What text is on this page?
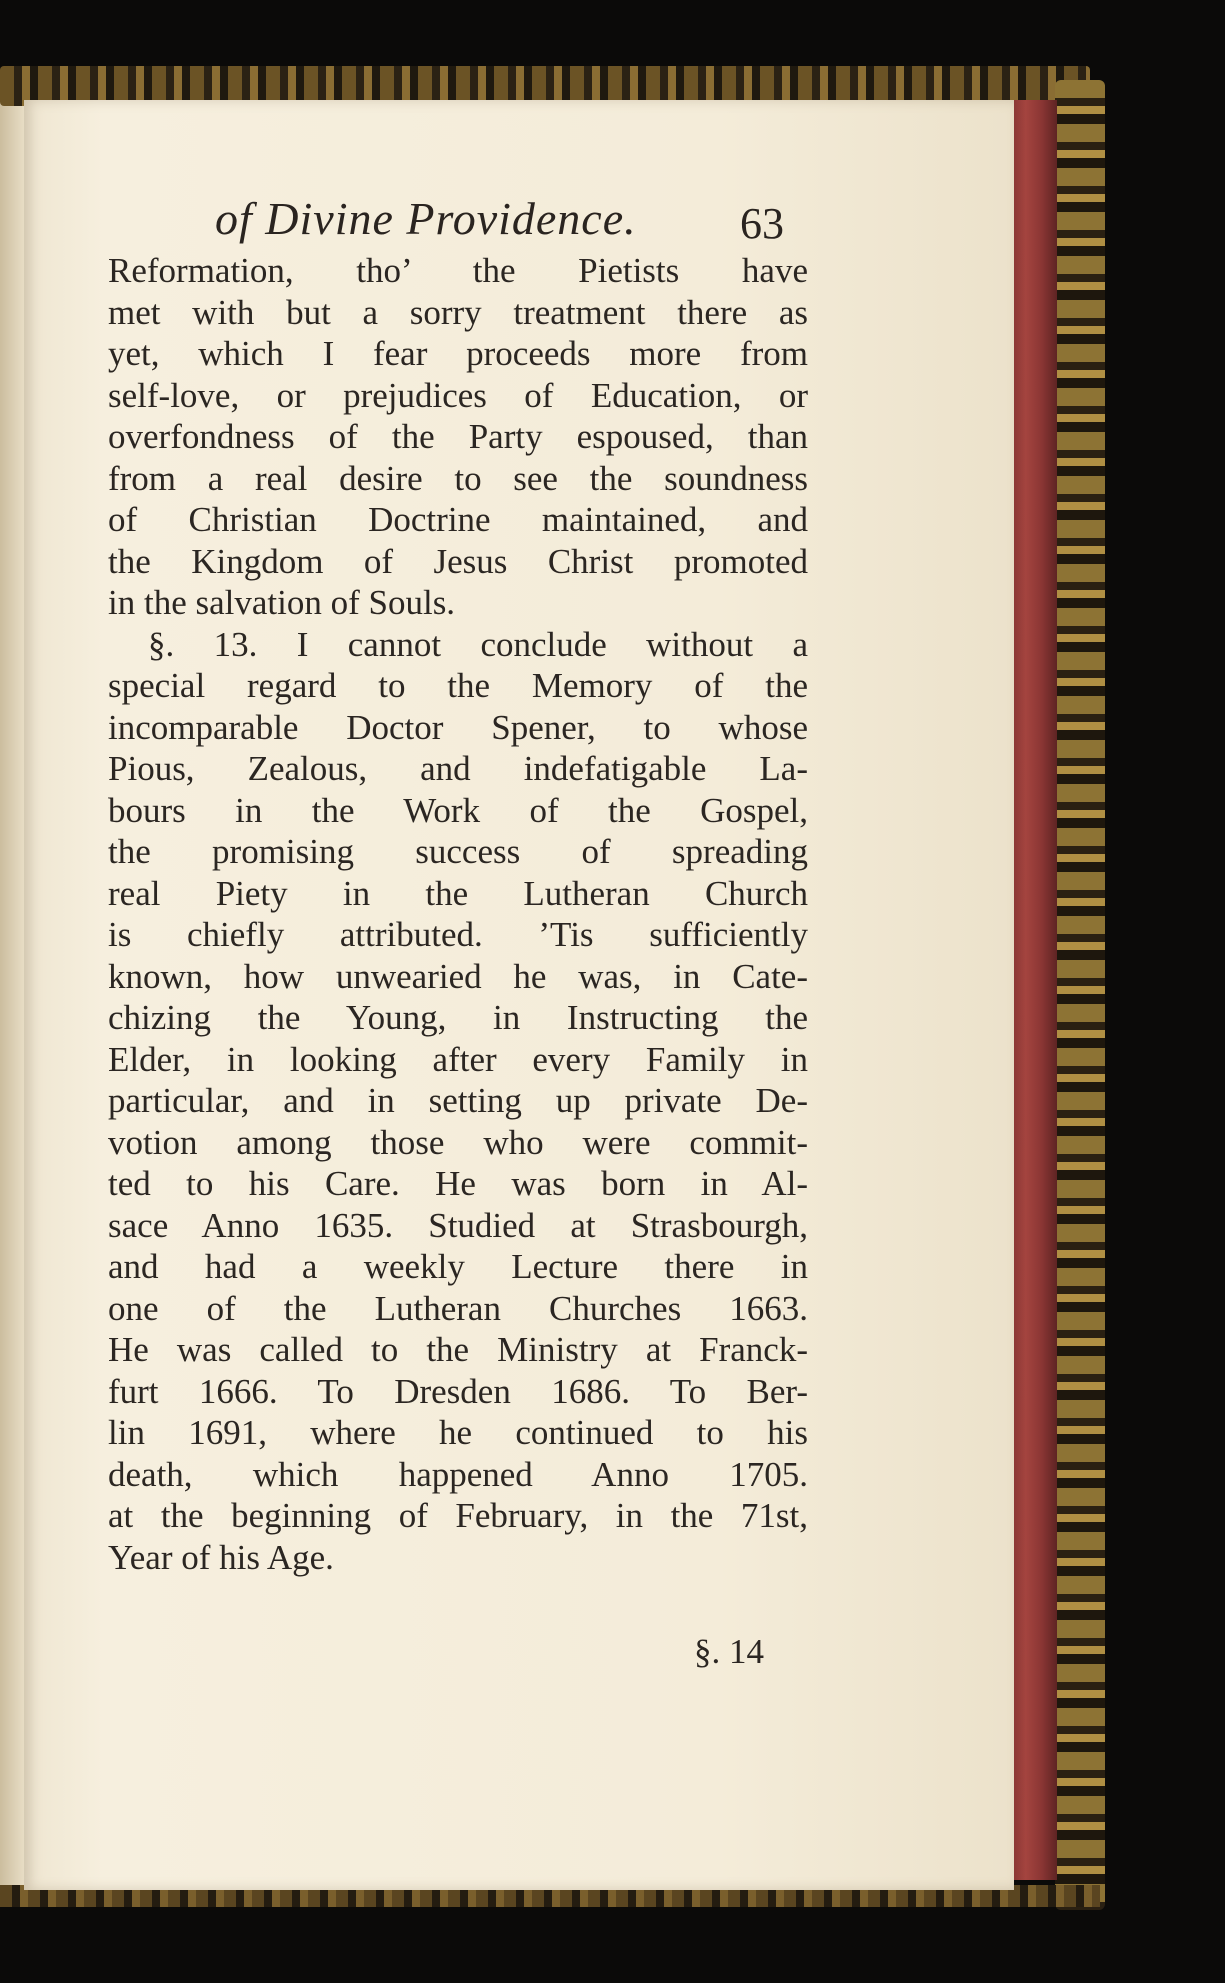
of Divine Providence.	63
Reformation, tho’ the Pietists have
met with but a sorry treatment there as
yet, which I fear proceeds more from
self-love, or prejudices of Education, or
overfondness of the Party espoused, than
from a real desire to see the soundness
of Christian Doctrine maintained, and
the Kingdom of Jesus Christ promoted
in the salvation of Souls.
§. 13. I cannot conclude without a
special regard to the Memory of the
incomparable Doctor Spener, to whose
Pious, Zealous, and indefatigable La-
bours in the Work of the Gospel,
the promising success of spreading
real Piety in the Lutheran Church
is chiefly attributed. ’Tis sufficiently
known, how unwearied he was, in Cate-
chizing the Young, in Instructing the
Elder, in looking after every Family in
particular, and in setting up private De-
votion among those who were commit-
ted to his Care. He was born in Al-
sace Anno 1635. Studied at Strasbourgh,
and had a weekly Lecture there in
one of the Lutheran Churches 1663.
He was called to the Ministry at Franck-
furt 1666. To Dresden 1686. To Ber-
lin 1691, where he continued to his
death, which happened Anno 1705.
at the beginning of February, in the 71st,
Year of his Age.
§. 14
